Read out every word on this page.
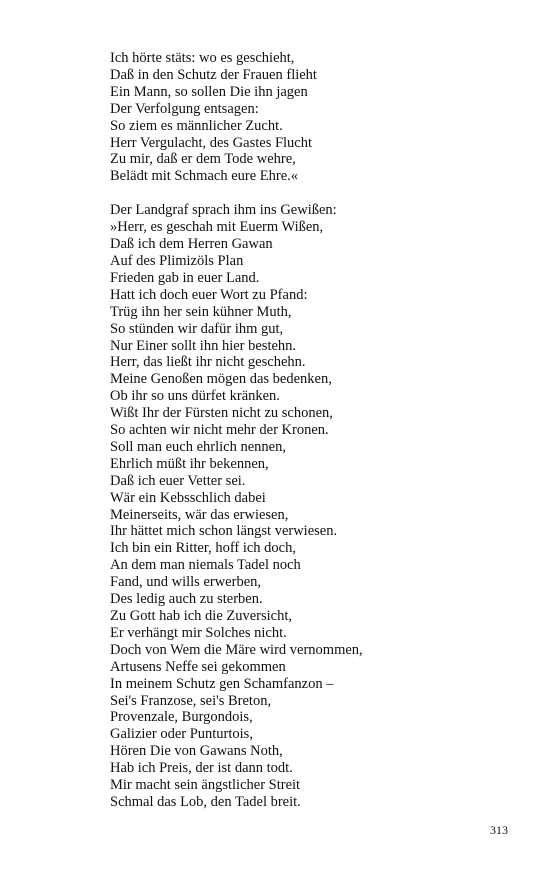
Ich hörte stäts: wo es geschieht,
Daß in den Schutz der Frauen flieht
Ein Mann, so sollen Die ihn jagen
Der Verfolgung entsagen:
So ziem es männlicher Zucht.
Herr Vergulacht, des Gastes Flucht
Zu mir, daß er dem Tode wehre,
Belädt mit Schmach eure Ehre.«
Der Landgraf sprach ihm ins Gewißen:
»Herr, es geschah mit Euerm Wißen,
Daß ich dem Herren Gawan
Auf des Plimizöls Plan
Frieden gab in euer Land.
Hatt ich doch euer Wort zu Pfand:
Trüg ihn her sein kühner Muth,
So stünden wir dafür ihm gut,
Nur Einer sollt ihn hier bestehn.
Herr, das ließt ihr nicht geschehn.
Meine Genoßen mögen das bedenken,
Ob ihr so uns dürfet kränken.
Wißt Ihr der Fürsten nicht zu schonen,
So achten wir nicht mehr der Kronen.
Soll man euch ehrlich nennen,
Ehrlich müßt ihr bekennen,
Daß ich euer Vetter sei.
Wär ein Kebsschlich dabei
Meinerseits, wär das erwiesen,
Ihr hättet mich schon längst verwiesen.
Ich bin ein Ritter, hoff ich doch,
An dem man niemals Tadel noch
Fand, und wills erwerben,
Des ledig auch zu sterben.
Zu Gott hab ich die Zuversicht,
Er verhängt mir Solches nicht.
Doch von Wem die Märe wird vernommen,
Artusens Neffe sei gekommen
In meinem Schutz gen Schamfanzon –
Sei's Franzose, sei's Breton,
Provenzale, Burgondois,
Galizier oder Punturtois,
Hören Die von Gawans Noth,
Hab ich Preis, der ist dann todt.
Mir macht sein ängstlicher Streit
Schmal das Lob, den Tadel breit.
313
